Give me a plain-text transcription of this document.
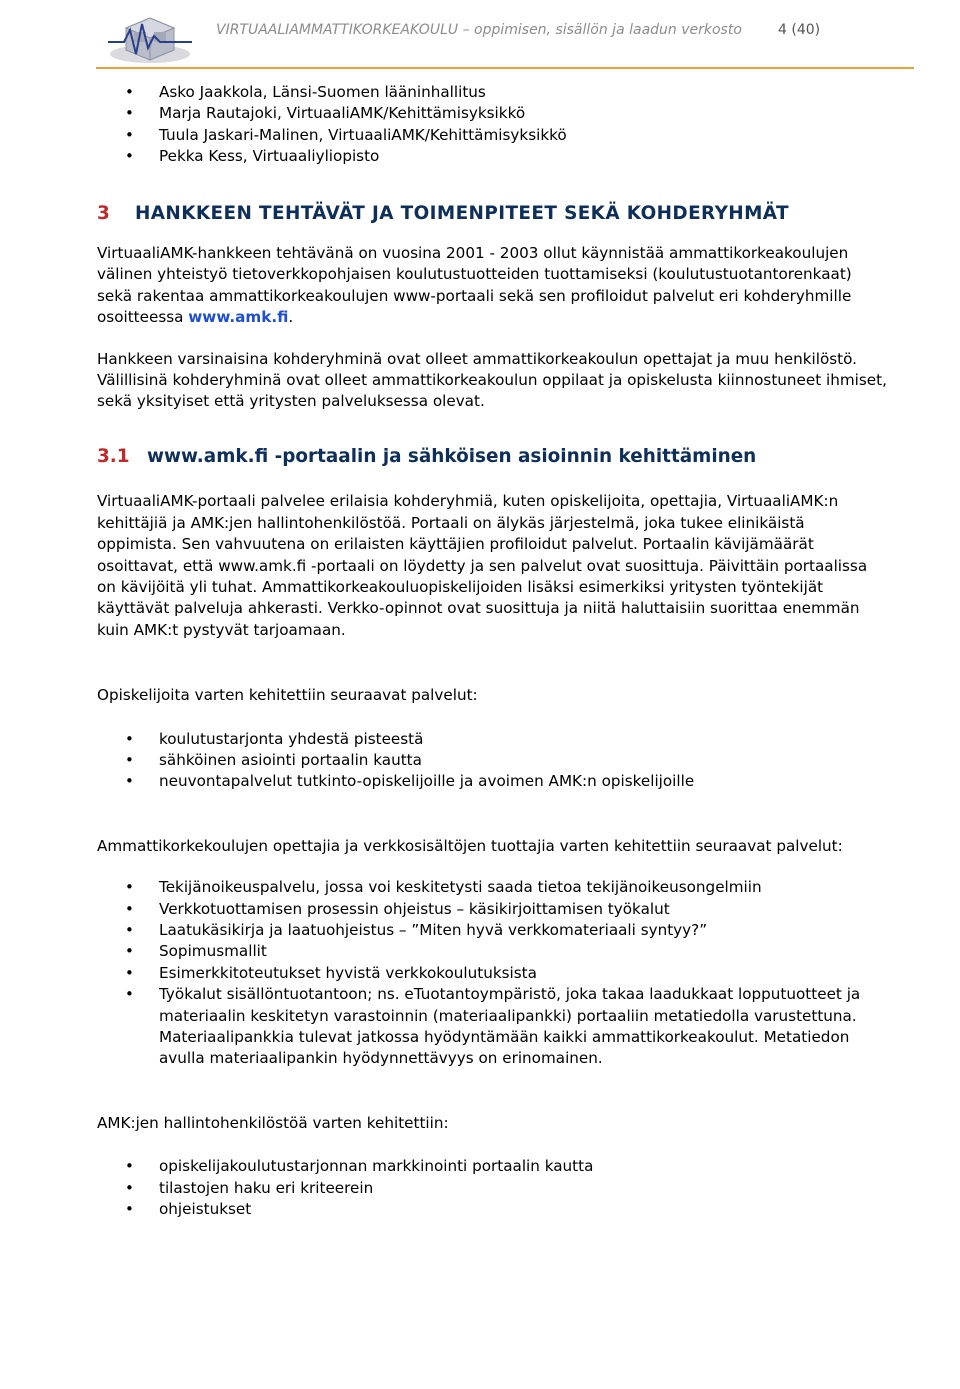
VIRTUAALIAMMATTIKORKEAKOULU – oppimisen, sisällön ja laadun verkosto	4 (40)
• Asko Jaakkola, Länsi-Suomen lääninhallitus
• Marja Rautajoki, VirtuaaliAMK/Kehittämisyksikkö
• Tuula Jaskari-Malinen, VirtuaaliAMK/Kehittämisyksikkö
• Pekka Kess, Virtuaaliyliopisto
3 HANKKEEN TEHTÄVÄT JA TOIMENPITEET SEKÄ KOHDERYHMÄT

VirtuaaliAMK-hankkeen tehtävänä on vuosina 2001 - 2003 ollut käynnistää ammattikorkeakoulujen välinen yhteistyö tietoverkkopohjaisen koulutustuotteiden tuottamiseksi (koulutustuotantorenkaat) sekä rakentaa ammattikorkeakoulujen www-portaali sekä sen profiloidut palvelut eri kohderyhmille osoitteessa www.amk.fi.

Hankkeen varsinaisina kohderyhminä ovat olleet ammattikorkeakoulun opettajat ja muu henkilöstö. Välillisinä kohderyhminä ovat olleet ammattikorkeakoulun oppilaat ja opiskelusta kiinnostuneet ihmiset, sekä yksityiset että yritysten palveluksessa olevat.

3.1 www.amk.fi -portaalin ja sähköisen asioinnin kehittäminen

VirtuaaliAMK-portaali palvelee erilaisia kohderyhmiä, kuten opiskelijoita, opettajia, VirtuaaliAMK:n kehittäjiä ja AMK:jen hallintohenkilöstöä. Portaali on älykäs järjestelmä, joka tukee elinikäistä oppimista. Sen vahvuutena on erilaisten käyttäjien profiloidut palvelut. Portaalin kävijämäärät osoittavat, että www.amk.fi -portaali on löydetty ja sen palvelut ovat suosittuja. Päivittäin portaalissa on kävijöitä yli tuhat. Ammattikorkeakouluopiskelijoiden lisäksi esimerkiksi yritysten työntekijät käyttävät palveluja ahkerasti. Verkko-opinnot ovat suosittuja ja niitä haluttaisiin suorittaa enemmän kuin AMK:t pystyvät tarjoamaan.

Opiskelijoita varten kehitettiin seuraavat palvelut:

• koulutustarjonta yhdestä pisteestä
• sähköinen asiointi portaalin kautta
• neuvontapalvelut tutkinto-opiskelijoille ja avoimen AMK:n opiskelijoille

Ammattikorkekoulujen opettajia ja verkkosisältöjen tuottajia varten kehitettiin seuraavat palvelut:

• Tekijänoikeuspalvelu, jossa voi keskitetysti saada tietoa tekijänoikeusongelmiin
• Verkkotuottamisen prosessin ohjeistus – käsikirjoittamisen työkalut
• Laatukäsikirja ja laatuohjeistus – ”Miten hyvä verkkomateriaali syntyy?”
• Sopimusmallit
• Esimerkkitoteutukset hyvistä verkkokoulutuksista
• Työkalut sisällöntuotantoon; ns. eTuotantoympäristö, joka takaa laadukkaat lopputuotteet ja materiaalin keskitetyn varastoinnin (materiaalipankki) portaaliin metatiedolla varustettuna. Materiaalipankkia tulevat jatkossa hyödyntämään kaikki ammattikorkeakoulut. Metatiedon avulla materiaalipankin hyödynnettävyys on erinomainen.

AMK:jen hallintohenkilöstöä varten kehitettiin:

• opiskelijakoulutustarjonnan markkinointi portaalin kautta
• tilastojen haku eri kriteerein
• ohjeistukset
